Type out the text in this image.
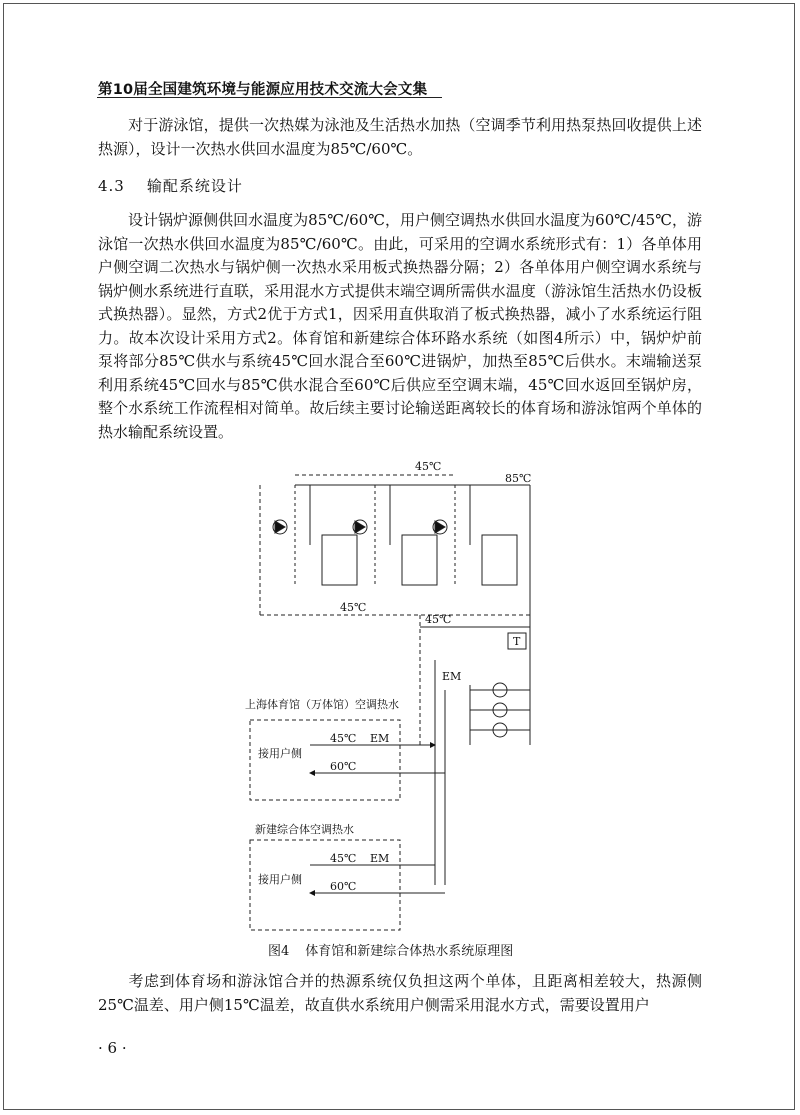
第10届全国建筑环境与能源应用技术交流大会文集
对于游泳馆，提供一次热媒为泳池及生活热水加热（空调季节利用热泵热回收提供上述热源），设计一次热水供回水温度为85℃/60℃。
4.3 输配系统设计
设计锅炉源侧供回水温度为85℃/60℃，用户侧空调热水供回水温度为60℃/45℃，游泳馆一次热水供回水温度为85℃/60℃。由此，可采用的空调水系统形式有：1）各单体用户侧空调二次热水与锅炉侧一次热水采用板式换热器分隔；2）各单体用户侧空调水系统与锅炉侧水系统进行直联，采用混水方式提供末端空调所需供水温度（游泳馆生活热水仍设板式换热器）。显然，方式2优于方式1，因采用直供取消了板式换热器，减小了水系统运行阻力。故本次设计采用方式2。体育馆和新建综合体环路水系统（如图4所示）中，锅炉炉前泵将部分85℃供水与系统45℃回水混合至60℃进锅炉，加热至85℃后供水。末端输送泵利用系统45℃回水与85℃供水混合至60℃后供应至空调末端，45℃回水返回至锅炉房，整个水系统工作流程相对简单。故后续主要讨论输送距离较长的体育场和游泳馆两个单体的热水输配系统设置。
45℃
85℃
45℃
45℃
T
EM
45℃ EM
60℃
45℃ EM
60℃
上海体育馆（万体馆）空调热水
接用户侧
新建综合体空调热水
接用户侧
图4 体育馆和新建综合体热水系统原理图
考虑到体育场和游泳馆合并的热源系统仅负担这两个单体，且距离相差较大，热源侧25℃温差、用户侧15℃温差，故直供水系统用户侧需采用混水方式，需要设置用户
· 6 ·
